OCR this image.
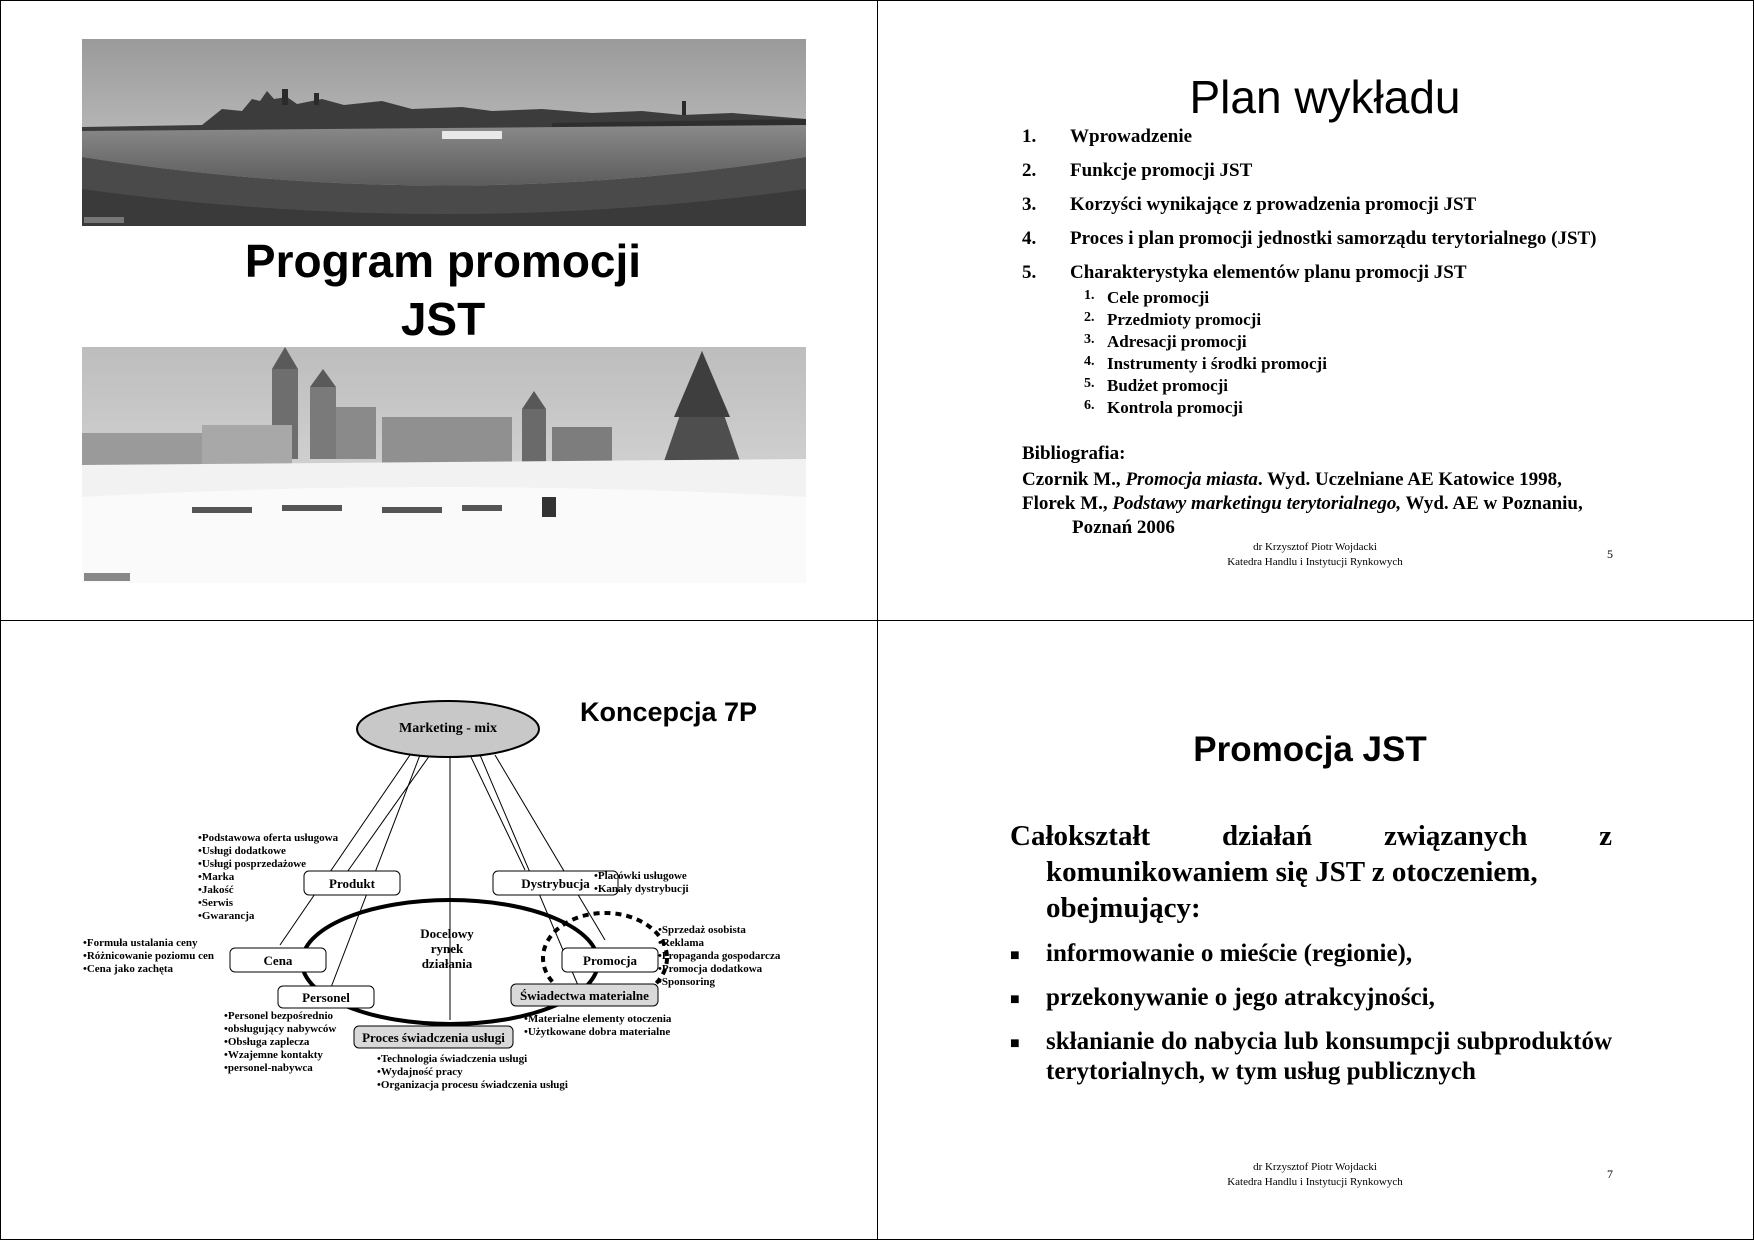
Program promocji
JST
Plan wykładu
1. Wprowadzenie
2. Funkcje promocji JST
3. Korzyści wynikające z prowadzenia promocji JST
4. Proces i plan promocji jednostki samorządu terytorialnego (JST)
5. Charakterystyka elementów planu promocji JST
1. Cele promocji
2. Przedmioty promocji
3. Adresacji promocji
4. Instrumenty i środki promocji
5. Budżet promocji
6. Kontrola promocji
Bibliografia:
Czornik M., Promocja miasta. Wyd. Uczelniane AE Katowice 1998,
Florek M., Podstawy marketingu terytorialnego, Wyd. AE w Poznaniu,
Poznań 2006
dr Krzysztof Piotr Wojdacki
Katedra Handlu i Instytucji Rynkowych
5
Koncepcja 7P
Marketing - mix
Produkt	Dystrybucja
Cena	Promocja
Personel	Świadectwa materialne
Proces świadczenia usługi
Docelowy
rynek
działania
•Podstawowa oferta usługowa
•Usługi dodatkowe
•Usługi posprzedażowe
•Marka
•Jakość
•Serwis
•Gwarancja
•Placówki usługowe
•Kanały dystrybucji
•Formuła ustalania ceny
•Różnicowanie poziomu cen
•Cena jako zachęta
•Sprzedaż osobista
•Reklama
•Propaganda gospodarcza
•Promocja dodatkowa
•Sponsoring
•Personel bezpośrednio
•obsługujący nabywców
•Obsługa zaplecza
•Wzajemne kontakty
•personel-nabywca
•Materialne elementy otoczenia
•Użytkowane dobra materialne
•Technologia świadczenia usługi
•Wydajność pracy
•Organizacja procesu świadczenia usługi
Promocja JST
Całokształt działań związanych z
komunikowaniem się JST z otoczeniem,
obejmujący:
■ informowanie o mieście (regionie),
■ przekonywanie o jego atrakcyjności,
■ skłanianie do nabycia lub konsumpcji subproduktów terytorialnych, w tym usług publicznych
dr Krzysztof Piotr Wojdacki
Katedra Handlu i Instytucji Rynkowych
7
